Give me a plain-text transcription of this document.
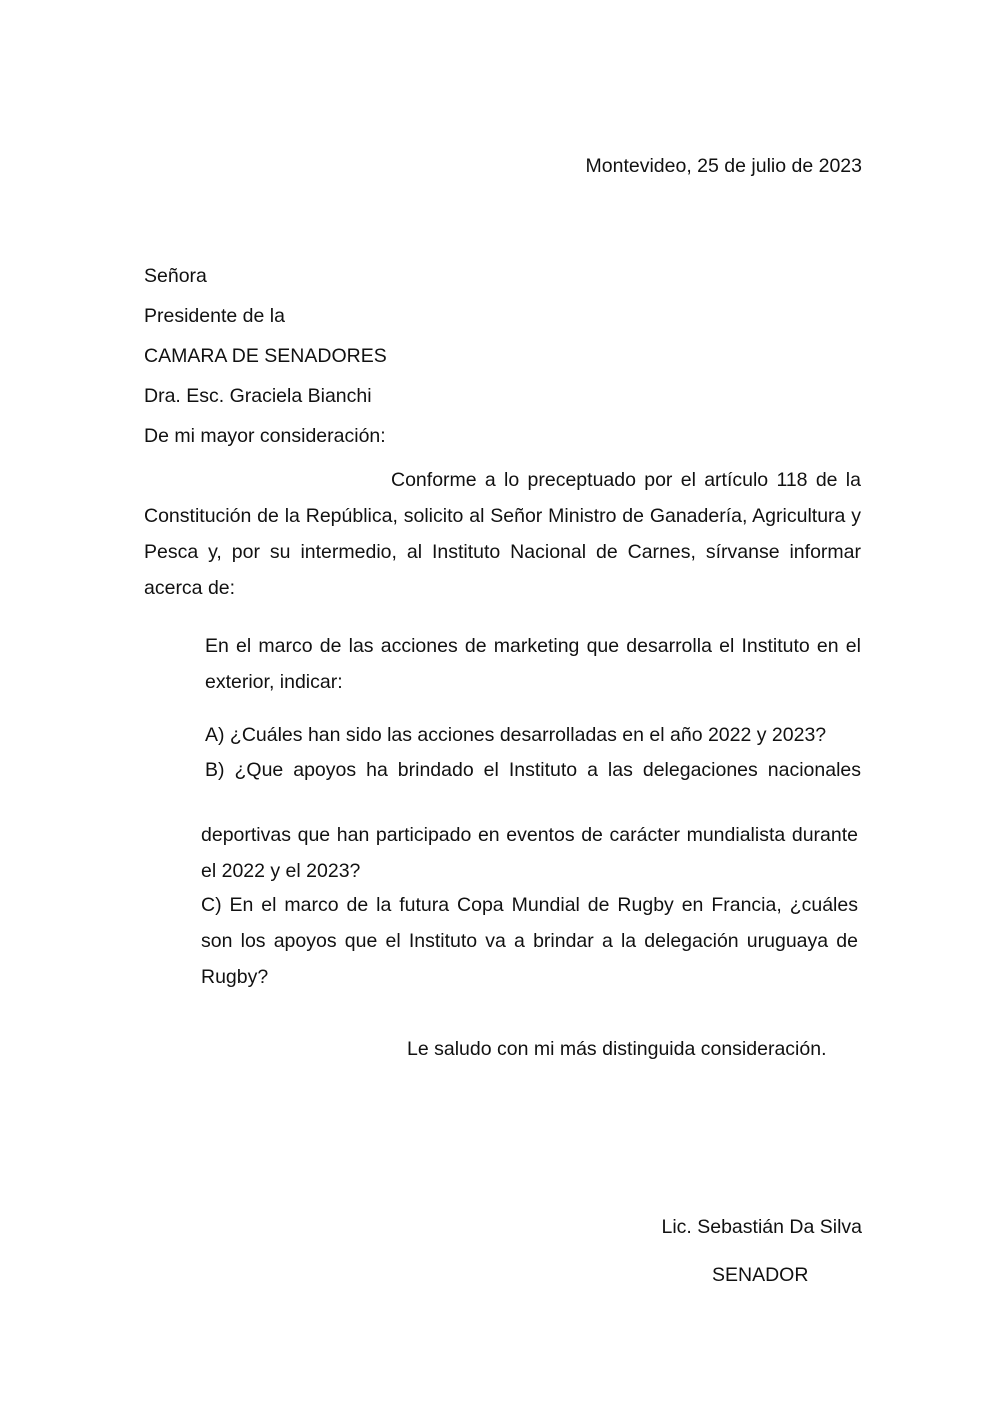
Montevideo, 25 de julio de 2023

Señora

Presidente de la

CAMARA DE SENADORES

Dra. Esc. Graciela Bianchi

De mi mayor consideración:

Conforme a lo preceptuado por el artículo 118 de la Constitución de la República, solicito al Señor Ministro de Ganadería, Agricultura y Pesca y, por su intermedio, al Instituto Nacional de Carnes, sírvanse informar acerca de:

En el marco de las acciones de marketing que desarrolla el Instituto en el exterior, indicar:

A) ¿Cuáles han sido las acciones desarrolladas en el año 2022 y 2023?

B) ¿Que apoyos ha brindado el Instituto a las delegaciones nacionales

deportivas que han participado en eventos de carácter mundialista durante el 2022 y el 2023?

C) En el marco de la futura Copa Mundial de Rugby en Francia, ¿cuáles son los apoyos que el Instituto va a brindar a la delegación uruguaya de Rugby?

Le saludo con mi más distinguida consideración.

Lic. Sebastián Da Silva

SENADOR
